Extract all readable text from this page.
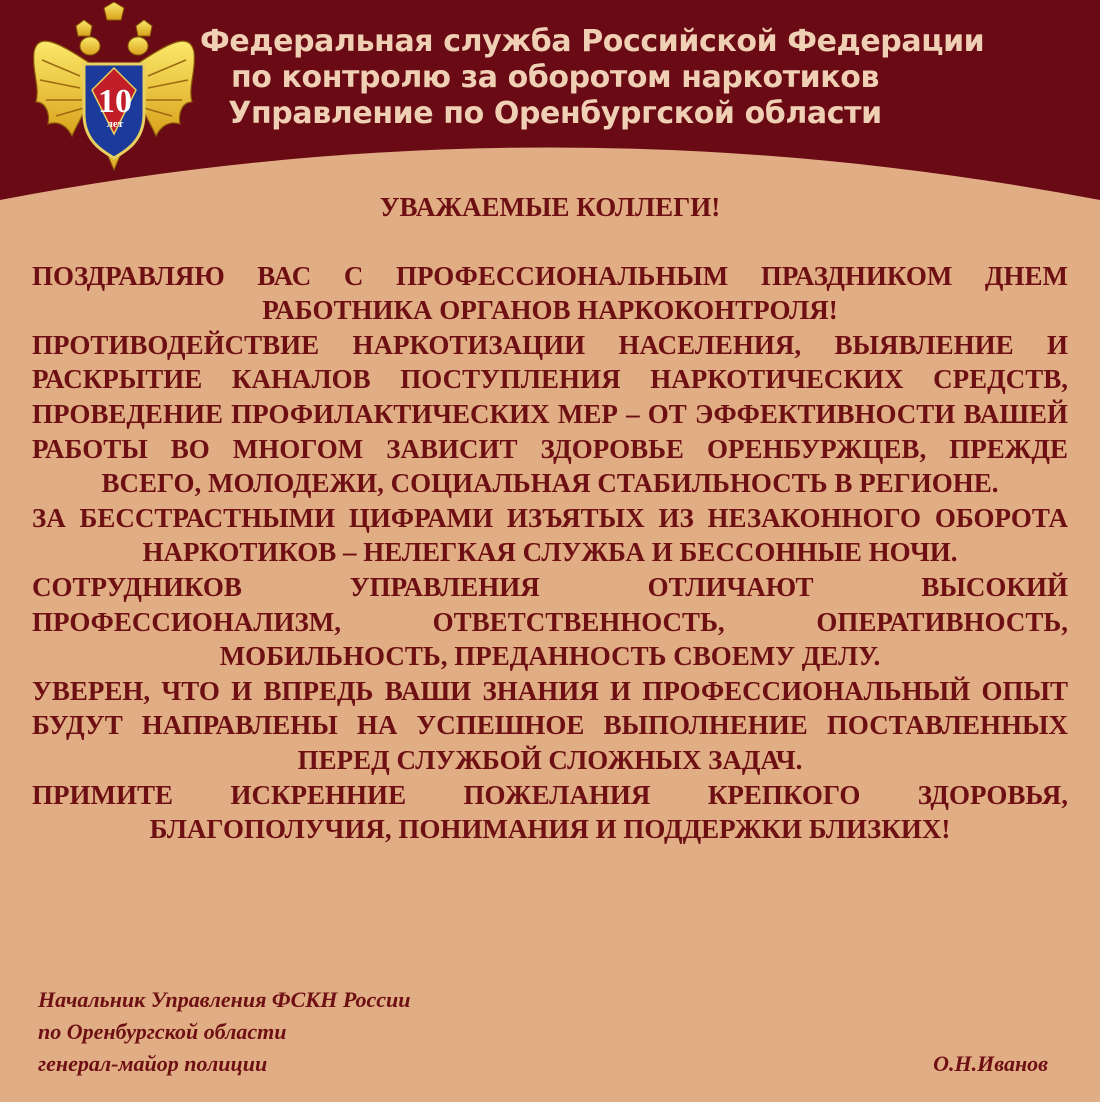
10
лет
Федеральная служба Российской Федерации
по контролю за оборотом наркотиков
Управление по Оренбургской области
УВАЖАЕМЫЕ КОЛЛЕГИ!
ПОЗДРАВЛЯЮ ВАС С ПРОФЕССИОНАЛЬНЫМ ПРАЗДНИКОМ ДНЕМ РАБОТНИКА ОРГАНОВ НАРКОКОНТРОЛЯ!
ПРОТИВОДЕЙСТВИЕ НАРКОТИЗАЦИИ НАСЕЛЕНИЯ, ВЫЯВЛЕНИЕ И РАСКРЫТИЕ КАНАЛОВ ПОСТУПЛЕНИЯ НАРКОТИЧЕСКИХ СРЕДСТВ, ПРОВЕДЕНИЕ ПРОФИЛАКТИЧЕСКИХ МЕР – ОТ ЭФФЕКТИВНОСТИ ВАШЕЙ РАБОТЫ ВО МНОГОМ ЗАВИСИТ ЗДОРОВЬЕ ОРЕНБУРЖЦЕВ, ПРЕЖДЕ ВСЕГО, МОЛОДЕЖИ, СОЦИАЛЬНАЯ СТАБИЛЬНОСТЬ В РЕГИОНЕ.
ЗА БЕССТРАСТНЫМИ ЦИФРАМИ ИЗЪЯТЫХ ИЗ НЕЗАКОННОГО ОБОРОТА НАРКОТИКОВ – НЕЛЕГКАЯ СЛУЖБА И БЕССОННЫЕ НОЧИ.
СОТРУДНИКОВ УПРАВЛЕНИЯ ОТЛИЧАЮТ ВЫСОКИЙ ПРОФЕССИОНАЛИЗМ, ОТВЕТСТВЕННОСТЬ, ОПЕРАТИВНОСТЬ, МОБИЛЬНОСТЬ, ПРЕДАННОСТЬ СВОЕМУ ДЕЛУ.
УВЕРЕН, ЧТО И ВПРЕДЬ ВАШИ ЗНАНИЯ И ПРОФЕССИОНАЛЬНЫЙ ОПЫТ БУДУТ НАПРАВЛЕНЫ НА УСПЕШНОЕ ВЫПОЛНЕНИЕ ПОСТАВЛЕННЫХ ПЕРЕД СЛУЖБОЙ СЛОЖНЫХ ЗАДАЧ.
ПРИМИТЕ ИСКРЕННИЕ ПОЖЕЛАНИЯ КРЕПКОГО ЗДОРОВЬЯ, БЛАГОПОЛУЧИЯ, ПОНИМАНИЯ И ПОДДЕРЖКИ БЛИЗКИХ!
Начальник Управления ФСКН России
по Оренбургской области
генерал-майор полиции	О.Н.Иванов
